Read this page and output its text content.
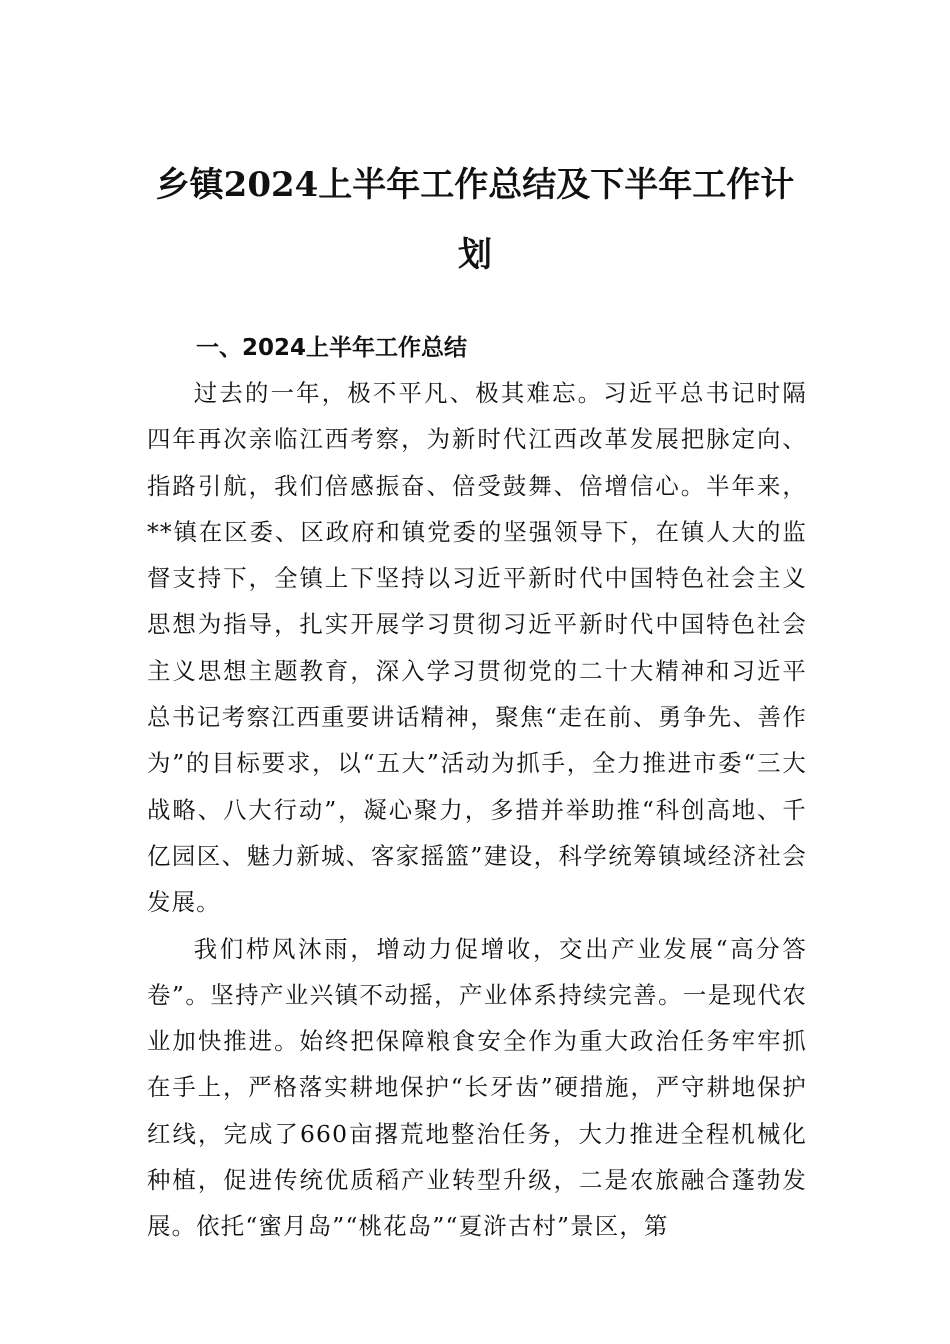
乡镇2024上半年工作总结及下半年工作计划
一、2024上半年工作总结

过去的一年，极不平凡、极其难忘。习近平总书记时隔四年再次亲临江西考察，为新时代江西改革发展把脉定向、指路引航，我们倍感振奋、倍受鼓舞、倍增信心。半年来，**镇在区委、区政府和镇党委的坚强领导下，在镇人大的监督支持下，全镇上下坚持以习近平新时代中国特色社会主义思想为指导，扎实开展学习贯彻习近平新时代中国特色社会主义思想主题教育，深入学习贯彻党的二十大精神和习近平总书记考察江西重要讲话精神，聚焦“走在前、勇争先、善作为”的目标要求，以“五大”活动为抓手，全力推进市委“三大战略、八大行动”，凝心聚力，多措并举助推“科创高地、千亿园区、魅力新城、客家摇篮”建设，科学统筹镇域经济社会发展。

我们栉风沐雨，增动力促增收，交出产业发展“高分答卷”。坚持产业兴镇不动摇，产业体系持续完善。一是现代农业加快推进。始终把保障粮食安全作为重大政治任务牢牢抓在手上，严格落实耕地保护“长牙齿”硬措施，严守耕地保护红线，完成了660亩撂荒地整治任务，大力推进全程机械化种植，促进传统优质稻产业转型升级，二是农旅融合蓬勃发展。依托“蜜月岛”“桃花岛”“夏浒古村”景区，第
